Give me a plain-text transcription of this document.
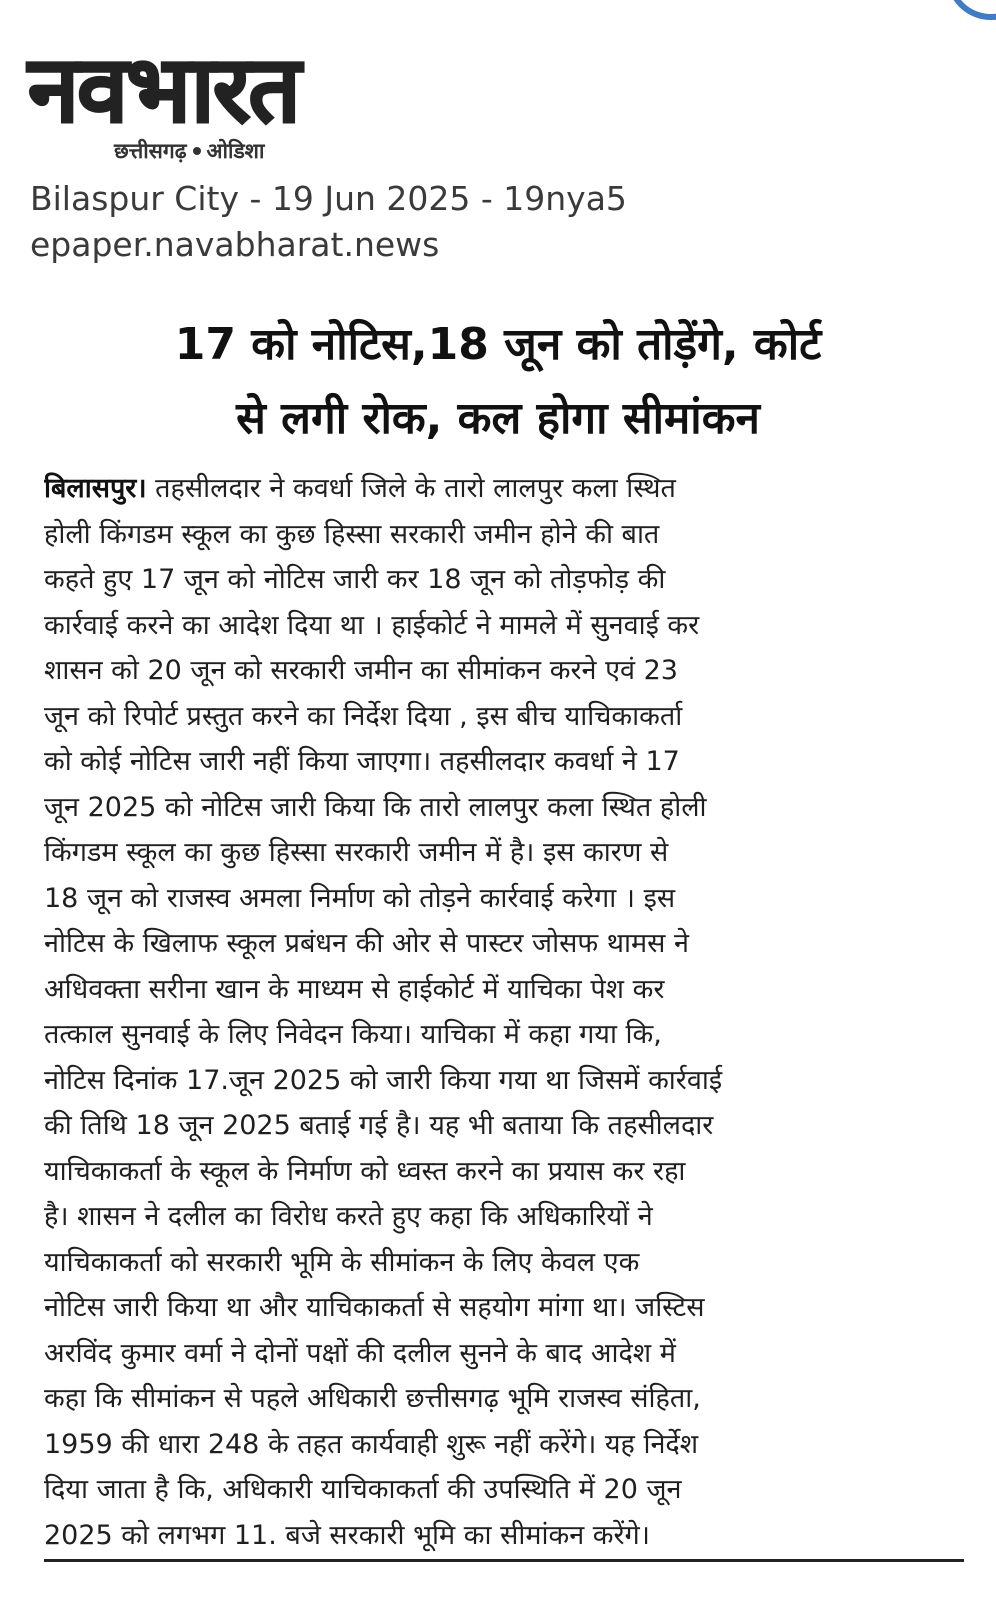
नवभारत
छत्तीसगढ़ ओडिशा
Bilaspur City - 19 Jun 2025 - 19nya5
epaper.navabharat.news
17 को नोटिस,18 जून को तोड़ेंगे, कोर्ट
से लगी रोक, कल होगा सीमांकन
बिलासपुर। तहसीलदार ने कवर्धा जिले के तारो लालपुर कला स्थित
होली किंगडम स्कूल का कुछ हिस्सा सरकारी जमीन होने की बात
कहते हुए 17 जून को नोटिस जारी कर 18 जून को तोड़फोड़ की
कार्रवाई करने का आदेश दिया था । हाईकोर्ट ने मामले में सुनवाई कर
शासन को 20 जून को सरकारी जमीन का सीमांकन करने एवं 23
जून को रिपोर्ट प्रस्तुत करने का निर्देश दिया , इस बीच याचिकाकर्ता
को कोई नोटिस जारी नहीं किया जाएगा। तहसीलदार कवर्धा ने 17
जून 2025 को नोटिस जारी किया कि तारो लालपुर कला स्थित होली
किंगडम स्कूल का कुछ हिस्सा सरकारी जमीन में है। इस कारण से
18 जून को राजस्व अमला निर्माण को तोड़ने कार्रवाई करेगा । इस
नोटिस के खिलाफ स्कूल प्रबंधन की ओर से पास्टर जोसफ थामस ने
अधिवक्ता सरीना खान के माध्यम से हाईकोर्ट में याचिका पेश कर
तत्काल सुनवाई के लिए निवेदन किया। याचिका में कहा गया कि,
नोटिस दिनांक 17.जून 2025 को जारी किया गया था जिसमें कार्रवाई
की तिथि 18 जून 2025 बताई गई है। यह भी बताया कि तहसीलदार
याचिकाकर्ता के स्कूल के निर्माण को ध्वस्त करने का प्रयास कर रहा
है। शासन ने दलील का विरोध करते हुए कहा कि अधिकारियों ने
याचिकाकर्ता को सरकारी भूमि के सीमांकन के लिए केवल एक
नोटिस जारी किया था और याचिकाकर्ता से सहयोग मांगा था। जस्टिस
अरविंद कुमार वर्मा ने दोनों पक्षों की दलील सुनने के बाद आदेश में
कहा कि सीमांकन से पहले अधिकारी छत्तीसगढ़ भूमि राजस्व संहिता,
1959 की धारा 248 के तहत कार्यवाही शुरू नहीं करेंगे। यह निर्देश
दिया जाता है कि, अधिकारी याचिकाकर्ता की उपस्थिति में 20 जून
2025 को लगभग 11. बजे सरकारी भूमि का सीमांकन करेंगे।
